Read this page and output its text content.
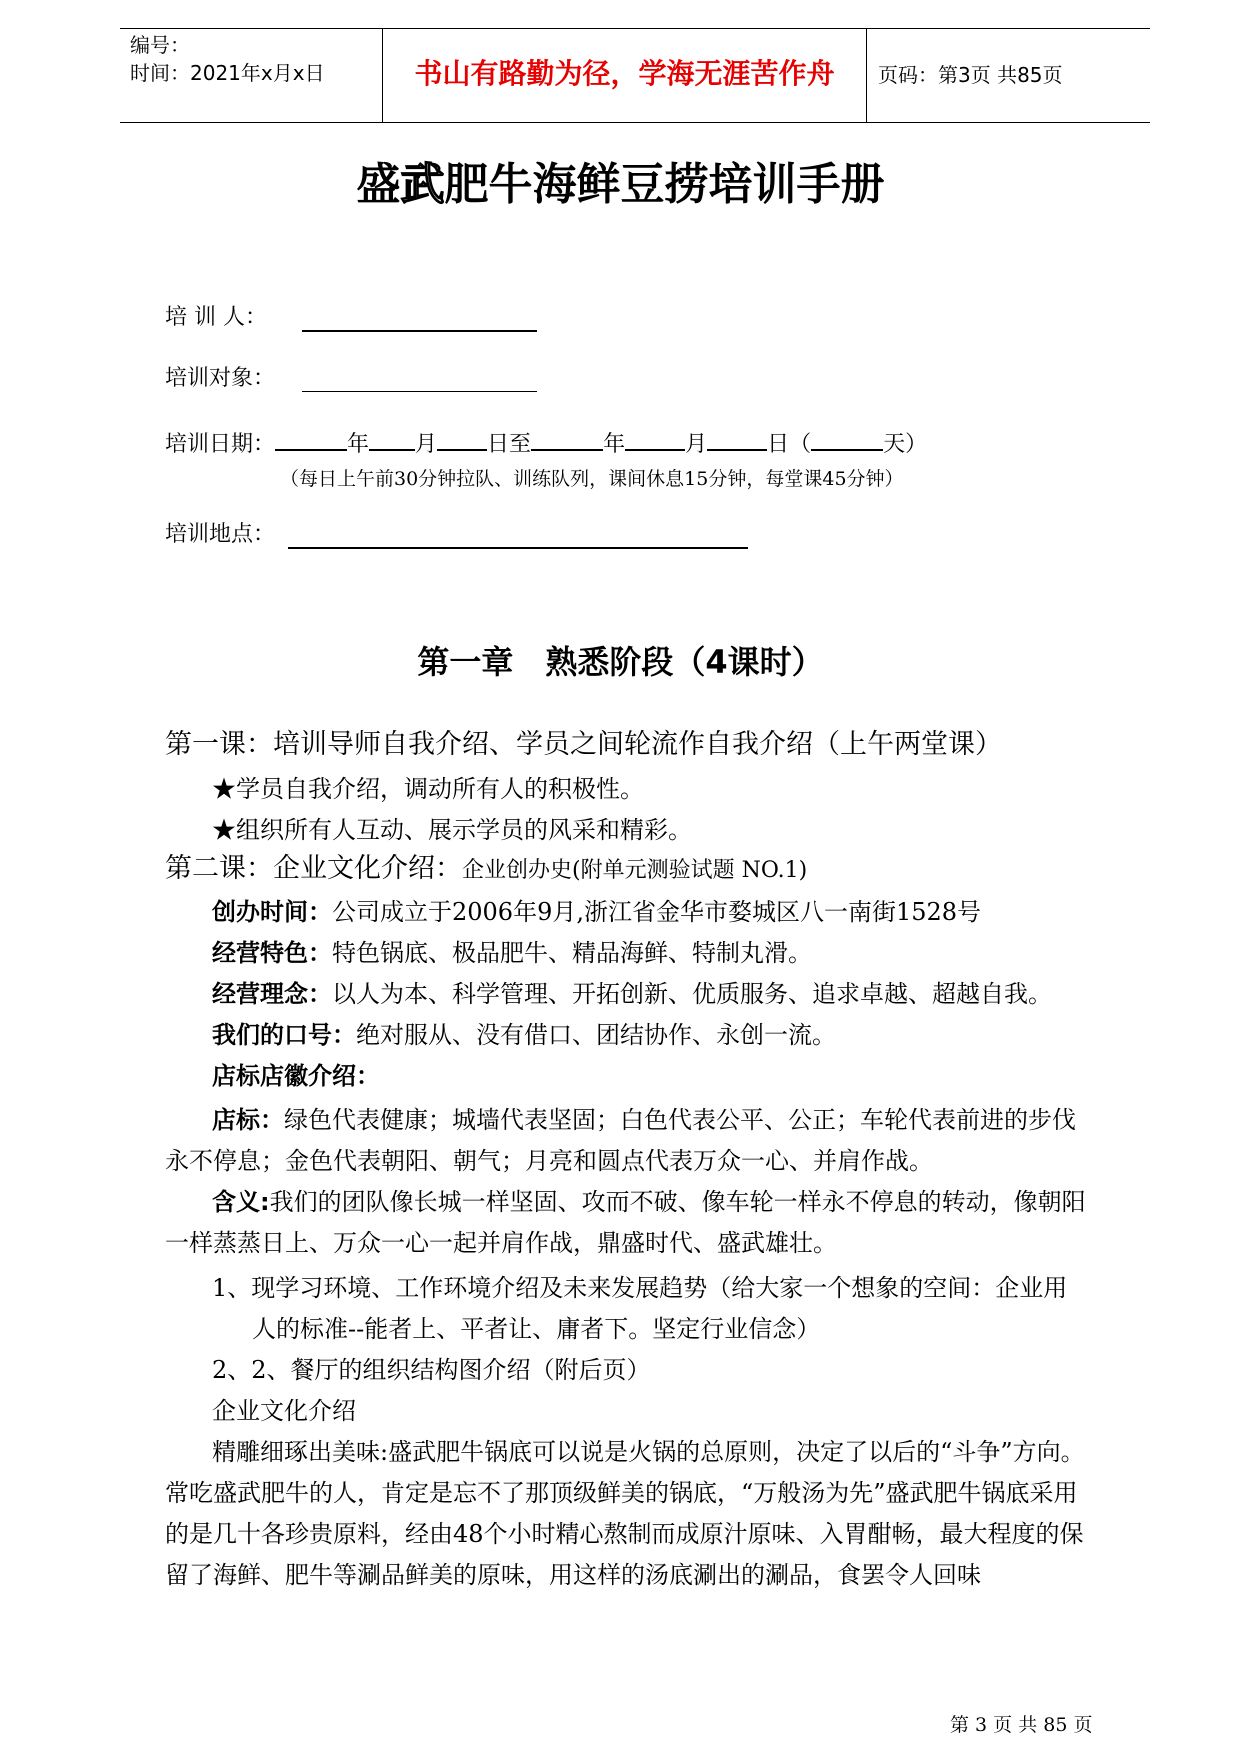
编号：
时间：2021年x月x日	书山有路勤为径，学海无涯苦作舟	页码：第3页 共85页
盛武肥牛海鲜豆捞培训手册
培 训 人：
培训对象：
培训日期：	年 月 日至	年	月	日（	天）
（每日上午前30分钟拉队、训练队列，课间休息15分钟，每堂课45分钟）
培训地点：
第一章　熟悉阶段（4课时）
第一课：培训导师自我介绍、学员之间轮流作自我介绍（上午两堂课）
★学员自我介绍，调动所有人的积极性。
★组织所有人互动、展示学员的风采和精彩。
第二课：企业文化介绍：企业创办史(附单元测验试题 NO.1)
创办时间：公司成立于2006年9月,浙江省金华市婺城区八一南街1528号
经营特色：特色锅底、极品肥牛、精品海鲜、特制丸滑。
经营理念：以人为本、科学管理、开拓创新、优质服务、追求卓越、超越自我。
我们的口号：绝对服从、没有借口、团结协作、永创一流。
店标店徽介绍：
店标：绿色代表健康；城墙代表坚固；白色代表公平、公正；车轮代表前进的步伐永不停息；金色代表朝阳、朝气；月亮和圆点代表万众一心、并肩作战。
含义:我们的团队像长城一样坚固、攻而不破、像车轮一样永不停息的转动，像朝阳一样蒸蒸日上、万众一心一起并肩作战，鼎盛时代、盛武雄壮。
1、现学习环境、工作环境介绍及未来发展趋势（给大家一个想象的空间：企业用
人的标准--能者上、平者让、庸者下。坚定行业信念）
2、2、餐厅的组织结构图介绍（附后页）
企业文化介绍
精雕细琢出美味:盛武肥牛锅底可以说是火锅的总原则，决定了以后的“斗争”方向。常吃盛武肥牛的人，肯定是忘不了那顶级鲜美的锅底，“万般汤为先”盛武肥牛锅底采用的是几十各珍贵原料，经由48个小时精心熬制而成原汁原味、入胃酣畅，最大程度的保留了海鲜、肥牛等涮品鲜美的原味，用这样的汤底涮出的涮品，食罢令人回味
第 3 页 共 85 页
